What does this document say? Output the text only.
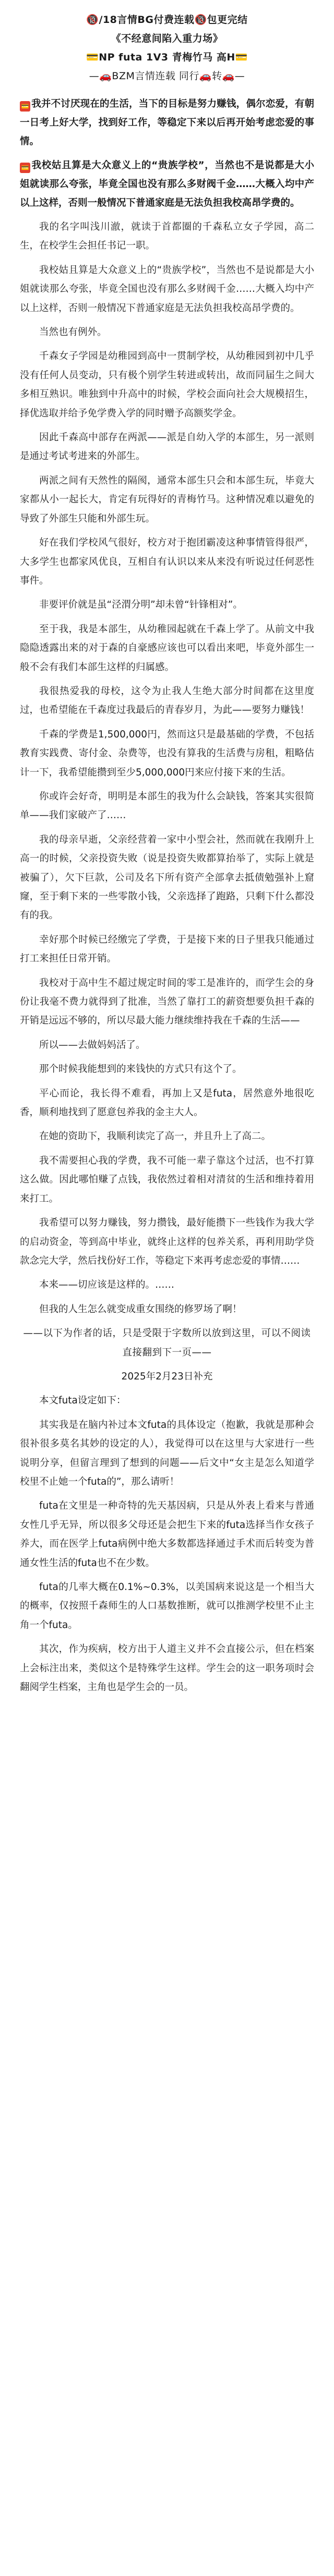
🔞/18言情BG付费连载🔞包更完结
《不经意间陷入重力场》
💳NP futa 1V3 青梅竹马 高H💳
—🚗BZM言情连载 同行🚗转🚗—

💳 我并不讨厌现在的生活，当下的目标是努力赚钱，偶尔恋爱，有朝一日考上好大学，找到好工作，等稳定下来以后再开始考虑恋爱的事情。

💳 我校姑且算是大众意义上的“贵族学校”，当然也不是说都是大小姐就读那么夸张，毕竟全国也没有那么多财阀千金……大概入均中产以上这样，否则一般情况下普通家庭是无法负担我校高昂学费的。

我的名字叫浅川澈，就读于首都圈的千森私立女子学园，高二生，在校学生会担任书记一职。

我校姑且算是大众意义上的“贵族学校”，当然也不是说都是大小姐就读那么夸张，毕竟全国也没有那么多财阀千金……大概入均中产以上这样，否则一般情况下普通家庭是无法负担我校高昂学费的。

当然也有例外。

千森女子学园是幼稚园到高中一贯制学校，从幼稚园到初中几乎没有任何人员变动，只有极个别学生转进或转出，故而同届生之间大多相互熟识。唯独到中升高中的时候，学校会面向社会大规模招生，择优选取并给予免学费入学的同时赠予高额奖学金。

因此千森高中部存在两派——派是自幼入学的本部生，另一派则是通过考试考进来的外部生。

两派之间有天然性的隔阂，通常本部生只会和本部生玩，毕竟大家都从小一起长大，肯定有玩得好的青梅竹马。这种情况难以避免的导致了外部生只能和外部生玩。

好在我们学校风气很好，校方对于抱团霸凌这种事情管得很严，大多学生也都家风优良，互相自有认识以来从来没有听说过任何恶性事件。

非要评价就是虽“泾渭分明”却未曾“针锋相对”。

至于我，我是本部生，从幼稚园起就在千森上学了。从前文中我隐隐透露出来的对于森的自豪感应该也可以看出来吧，毕竟外部生一般不会有我们本部生这样的归属感。

我很热爱我的母校，这令为止我人生绝大部分时间都在这里度过，也希望能在千森度过我最后的青春岁月，为此——要努力赚钱！

千森的学费是1,500,000円，然而这只是最基础的学费，不包括教育实践费、寄付金、杂费等，也没有算我的生活费与房租，粗略估计一下，我希望能攒到至少5,000,000円来应付接下来的生活。

你或许会好奇，明明是本部生的我为什么会缺钱，答案其实很简单——我们家破产了……

我的母亲早逝，父亲经营着一家中小型会社，然而就在我刚升上高一的时候，父亲投资失败（说是投资失败都算抬举了，实际上就是被骗了），欠下巨款，公司及名下所有资产全部拿去抵债勉强补上窟窿，至于剩下来的一些零散小钱，父亲选择了跑路，只剩下什么都没有的我。

幸好那个时候已经缴完了学费，于是接下来的日子里我只能通过打工来担任日常开销。

我校对于高中生不超过规定时间的零工是准许的，而学生会的身份让我毫不费力就得到了批准，当然了靠打工的薪资想要负担千森的开销是远远不够的，所以尽最大能力继续维持我在千森的生活——

所以——去做妈妈活了。

那个时候我能想到的来钱快的方式只有这个了。

平心而论，我长得不难看，再加上又是futa，居然意外地很吃香，顺利地找到了愿意包养我的金主大人。

在她的资助下，我顺利读完了高一，并且升上了高二。

我不需要担心我的学费，我不可能一辈子靠这个过活，也不打算这么做。因此哪怕赚了点钱，我依然过着相对清贫的生活和维持着用来打工。

我希望可以努力赚钱，努力攒钱，最好能攒下一些钱作为我大学的启动资金，等到高中毕业，就终止这样的包养关系，再利用助学贷款念完大学，然后找份好工作，等稳定下来再考虑恋爱的事情……

本来——切应该是这样的。……

但我的人生怎么就变成重女围绕的修罗场了啊！

——以下为作者的话，只是受限于字数所以放到这里，可以不阅读直接翻到下一页——

2025年2月23日补充

本文futa设定如下：

其实我是在脑内补过本文futa的具体设定（抱歉，我就是那种会很补很多莫名其妙的设定的人），我觉得可以在这里与大家进行一些说明分享，但留言理到了想到的问题——后文中“女主是怎么知道学校里不止她一个futa的”，那么请听！

futa在文里是一种奇特的先天基因病，只是从外表上看来与普通女性几乎无异，所以很多父母还是会把生下来的futa选择当作女孩子养大，而在医学上futa病例中绝大多数都选择通过手术而后转变为普通女性生活的futa也不在少数。

futa的几率大概在0.1%~0.3%，以美国病来说这是一个相当大的概率，仅按照千森师生的人口基数推断，就可以推测学校里不止主角一个futa。

其次，作为疾病，校方出于人道主义并不会直接公示，但在档案上会标注出来，类似这个是特殊学生这样。学生会的这一职务项时会翻阅学生档案，主角也是学生会的一员。
